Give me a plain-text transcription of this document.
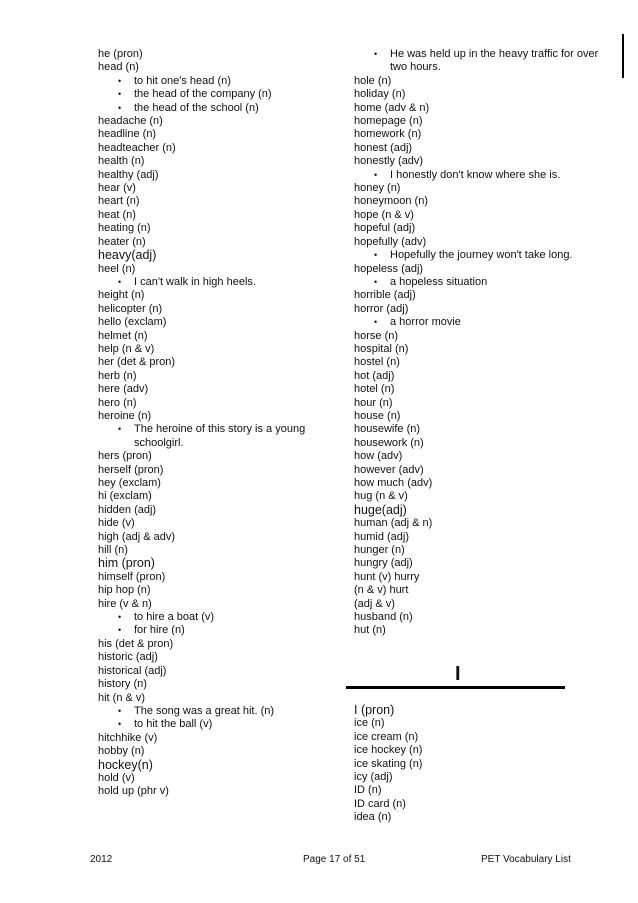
he (pron)
head (n)
•	to hit one's head (n)
•	the head of the company (n)
•	the head of the school (n)
headache (n)
headline (n)
headteacher (n)
health (n)
healthy (adj)
hear (v)
heart (n)
heat (n)
heating (n)
heater (n)
heavy(adj)
heel (n)
•	I can't walk in high heels.
height (n)
helicopter (n)
hello (exclam)
helmet (n)
help (n & v)
her (det & pron)
herb (n)
here (adv)
hero (n)
heroine (n)
•	The heroine of this story is a young schoolgirl.
hers (pron)
herself (pron)
hey (exclam)
hi (exclam)
hidden (adj)
hide (v)
high (adj & adv)
hill (n)
him (pron)
himself (pron)
hip hop (n)
hire (v & n)
•	to hire a boat (v)
•	for hire (n)
his (det & pron)
historic (adj)
historical (adj)
history (n)
hit (n & v)
•	The song was a great hit. (n)
•	to hit the ball (v)
hitchhike (v)
hobby (n)
hockey(n)
hold (v)
hold up (phr v)
•	He was held up in the heavy traffic for over two hours.
hole (n)
holiday (n)
home (adv & n)
homepage (n)
homework (n)
honest (adj)
honestly (adv)
•	I honestly don't know where she is.
honey (n)
honeymoon (n)
hope (n & v)
hopeful (adj)
hopefully (adv)
•	Hopefully the journey won't take long.
hopeless (adj)
•	a hopeless situation
horrible (adj)
horror (adj)
•	a horror movie
horse (n)
hospital (n)
hostel (n)
hot (adj)
hotel (n)
hour (n)
house (n)
housewife (n)
housework (n)
how (adv)
however (adv)
how much (adv)
hug (n & v)
huge(adj)
human (adj & n)
humid (adj)
hunger (n)
hungry (adj)
hunt (v) hurry
(n & v) hurt
(adj & v)
husband (n)
hut (n)
I
I (pron)
ice (n)
ice cream (n)
ice hockey (n)
ice skating (n)
icy (adj)
ID (n)
ID card (n)
idea (n)
2012	Page 17 of 51	PET Vocabulary List
